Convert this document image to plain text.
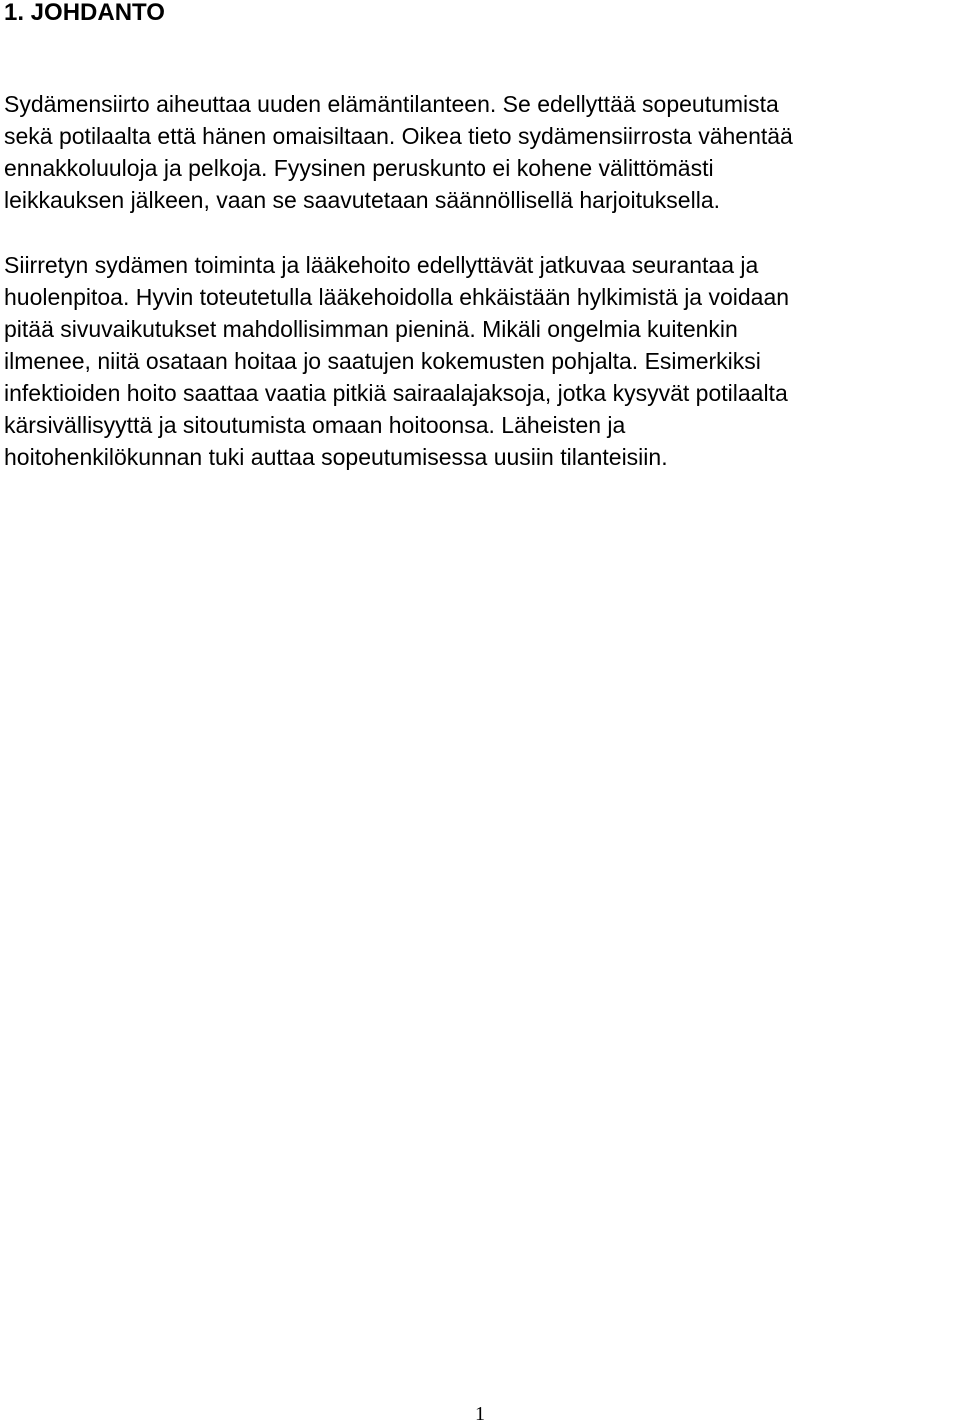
1. JOHDANTO

Sydämensiirto aiheuttaa uuden elämäntilanteen. Se edellyttää sopeutumista
sekä potilaalta että hänen omaisiltaan. Oikea tieto sydämensiirrosta vähentää
ennakkoluuloja ja pelkoja. Fyysinen peruskunto ei kohene välittömästi
leikkauksen jälkeen, vaan se saavutetaan säännöllisellä harjoituksella.

Siirretyn sydämen toiminta ja lääkehoito edellyttävät jatkuvaa seurantaa ja
huolenpitoa. Hyvin toteutetulla lääkehoidolla ehkäistään hylkimistä ja voidaan
pitää sivuvaikutukset mahdollisimman pieninä. Mikäli ongelmia kuitenkin
ilmenee, niitä osataan hoitaa jo saatujen kokemusten pohjalta. Esimerkiksi
infektioiden hoito saattaa vaatia pitkiä sairaalajaksoja, jotka kysyvät potilaalta
kärsivällisyyttä ja sitoutumista omaan hoitoonsa. Läheisten ja
hoitohenkilökunnan tuki auttaa sopeutumisessa uusiin tilanteisiin.

1
